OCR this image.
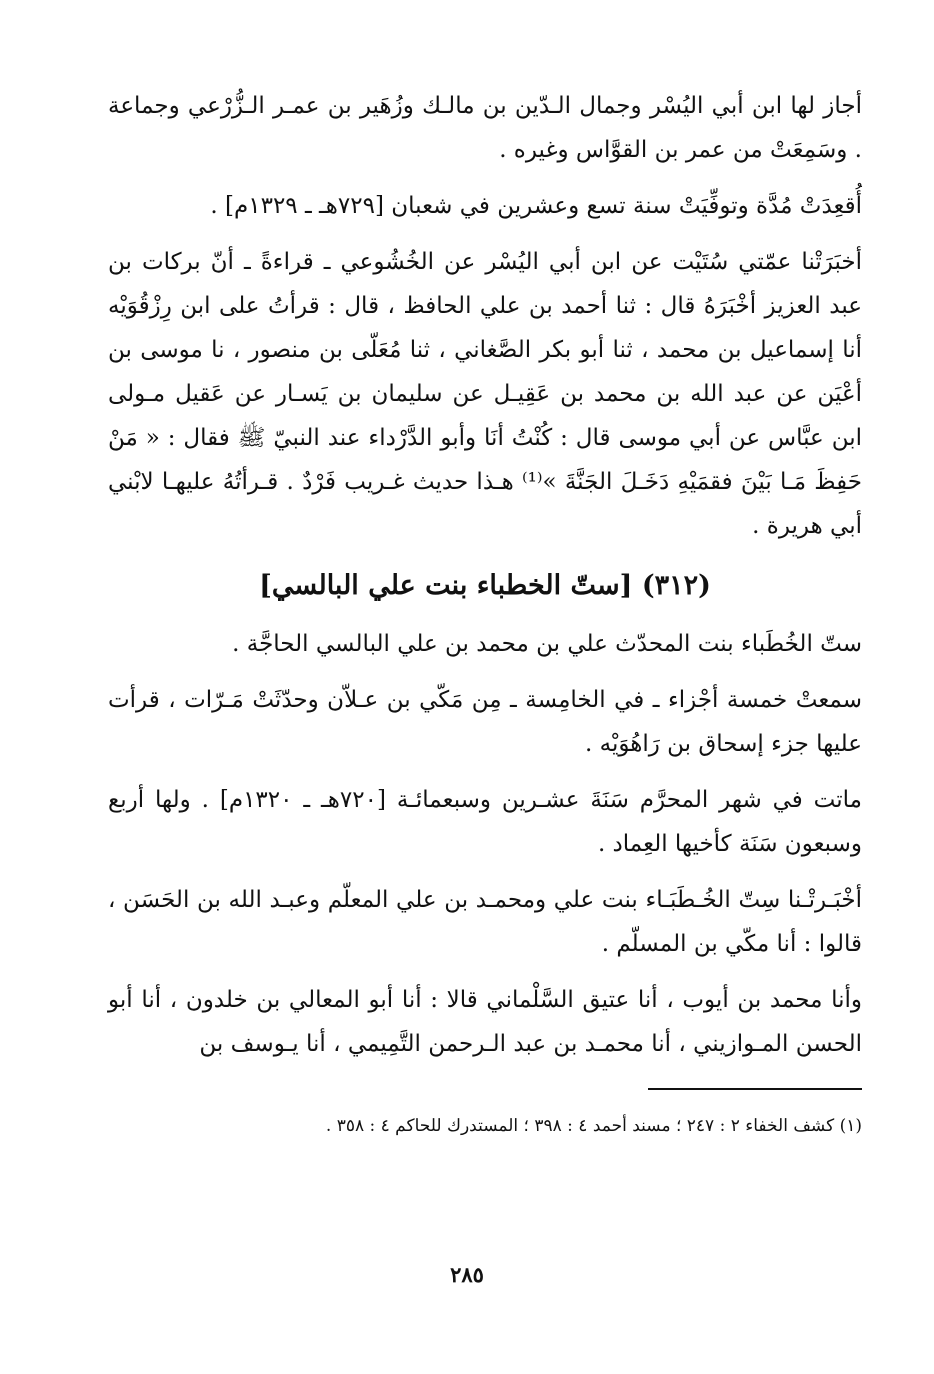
أجاز لها ابن أبي اليُسْر وجمال الـدّين بن مالـك وزُهَير بن عمـر الـزُّرْعي وجماعة . وسَمِعَتْ من عمر بن القوَّاس وغيره .

أُقعِدَتْ مُدَّة وتوفِّيَتْ سنة تسع وعشرين في شعبان [٧٢٩هـ ـ ١٣٢٩م] .

أخبَرَتْنا عمّتي سُتَيْت عن ابن أبي اليُسْر عن الخُشُوعي ـ قراءةً ـ أنّ بركات بن عبد العزيز أخْبَرَهُ قال : ثنا أحمد بن علي الحافظ ، قال : قرأتُ على ابن رِزْقُوَيْه أنا إسماعيل بن محمد ، ثنا أبو بكر الصَّغاني ، ثنا مُعَلّى بن منصور ، نا موسى بن أعْيَن عن عبد الله بن محمد بن عَقِيـل عن سليمان بن يَسـار عن عَقيل مـولى ابن عبَّاس عن أبي موسى قال : كُنْتُ أنَا وأبو الدَّرْداء عند النبيّ ﷺ فقال : « مَنْ حَفِظَ مَـا بَيْنَ فقمَيْهِ دَخَـلَ الجَنَّةَ »⁽¹⁾ هـذا حديث غـريب فَرْدٌ . قـرأتُهُ عليهـا لابْني أبي هريرة .

(٣١٢) [ستّ الخطباء بنت علي البالسي]

ستّ الخُطَباء بنت المحدّث علي بن محمد بن علي البالسي الحاجَّة .

سمعتْ خمسة أجْزاء ـ في الخامِسة ـ مِن مَكّي بن عـلاّن وحدّثَتْ مَـرّات ، قرأت عليها جزء إسحاق بن رَاهُوَيْه .

ماتت في شهر المحرَّم سَنَةَ عشـرين وسبعمائـة [٧٢٠هـ ـ ١٣٢٠م] . ولها أربع وسبعون سَنَة كأخيها العِماد .

أخْبَـرتْـنا سِتّ الخُـطَبَـاء بنت علي ومحمـد بن علي المعلّم وعبـد الله بن الحَسَن ، قالوا : أنا مكّي بن المسلّم .

وأنا محمد بن أيوب ، أنا عتيق السَّلْماني قالا : أنا أبو المعالي بن خلدون ، أنا أبو الحسن المـوازيني ، أنا محمـد بن عبد الـرحمن التَّمِيمي ، أنا يـوسف بن

(١) كشف الخفاء ٢ : ٢٤٧ ؛ مسند أحمد ٤ : ٣٩٨ ؛ المستدرك للحاكم ٤ : ٣٥٨ .
٢٨٥
